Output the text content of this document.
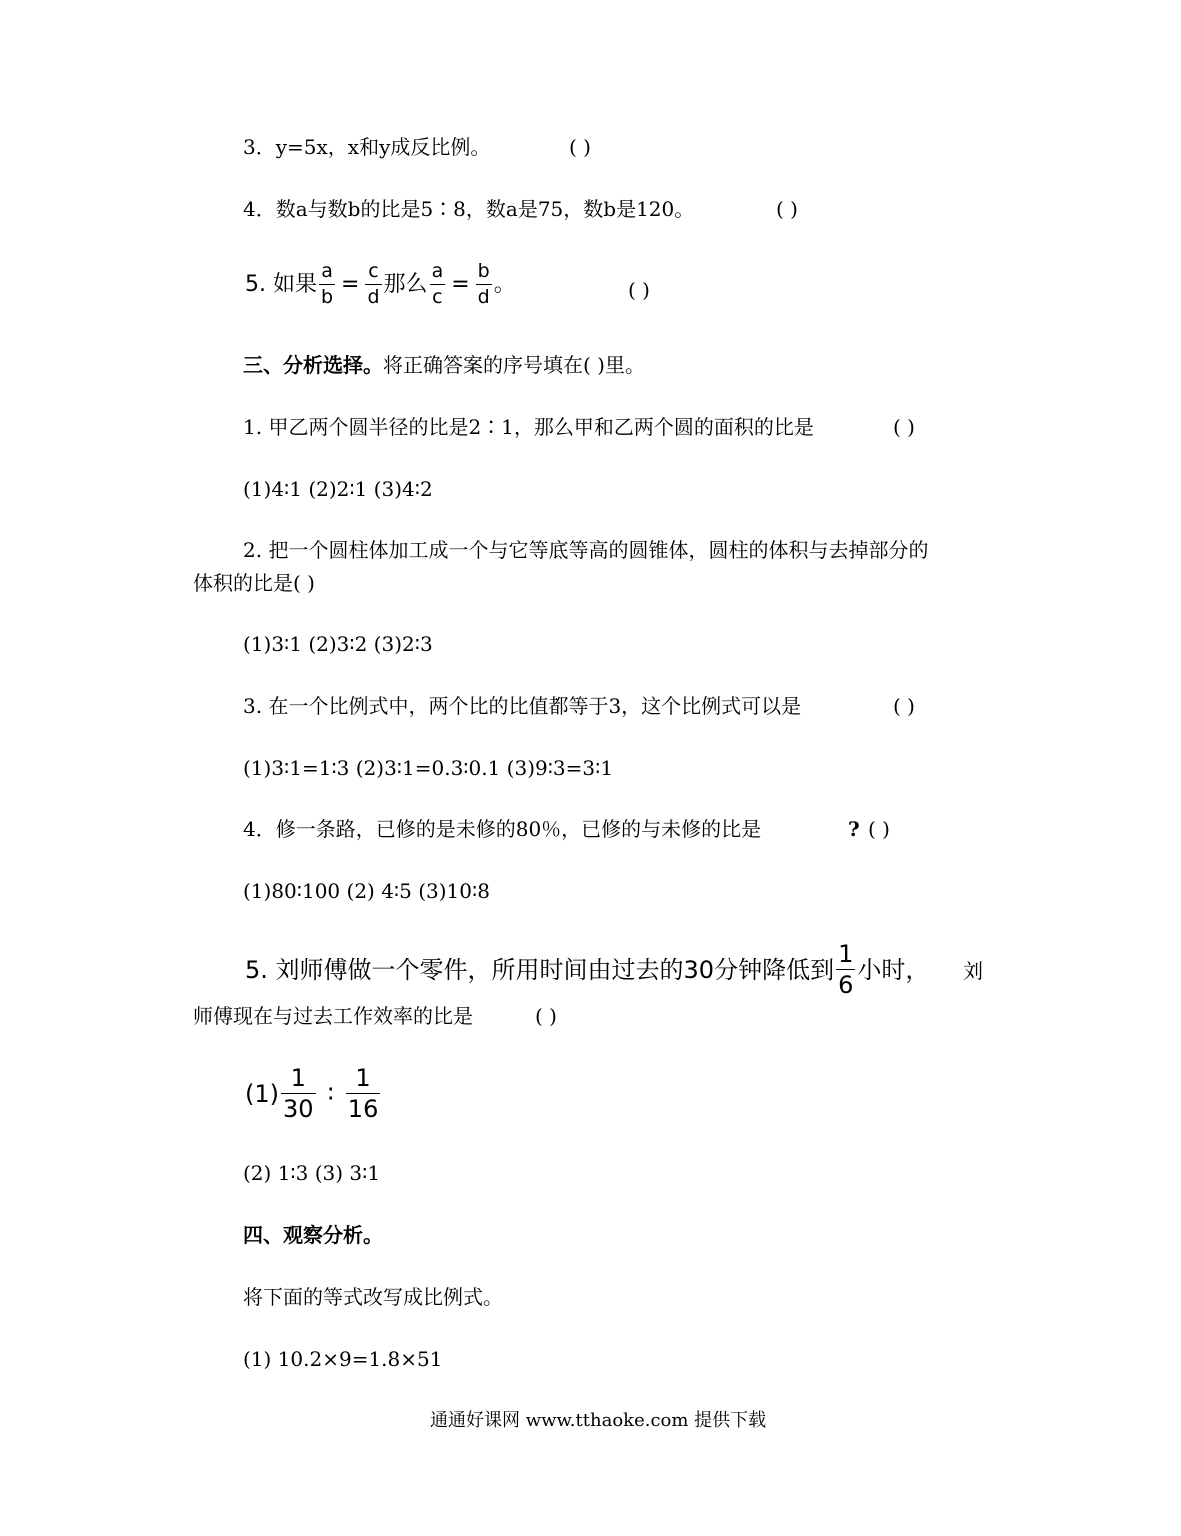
3．y=5x，x和y成反比例。	( )
4．数a与数b的比是5∶8，数a是75，数b是120。	( )
5. 如果 $\frac{a}{b} = \frac{c}{d}$ 那么 $\frac{a}{c} = \frac{b}{d}$ 。	( )
三、分析选择。将正确答案的序号填在( )里。
1. 甲乙两个圆半径的比是2∶1，那么甲和乙两个圆的面积的比是	( )
(1)4∶1 (2)2∶1 (3)4∶2
2. 把一个圆柱体加工成一个与它等底等高的圆锥体，圆柱的体积与去掉部分的
体积的比是( )
(1)3∶1 (2)3∶2 (3)2∶3
3. 在一个比例式中，两个比的比值都等于3，这个比例式可以是	( )
(1)3∶1=1∶3 (2)3∶1=0.3∶0.1 (3)9∶3=3∶1
4．修一条路，已修的是未修的80％，已修的与未修的比是	? ( )
(1)80∶100 (2) 4∶5 (3)10∶8
5. 刘师傅做一个零件，所用时间由过去的30分钟降低到 $\frac{1}{6}$ 小时， 刘
师傅现在与过去工作效率的比是	( )
$(1) \frac{1}{30}$ ∶ $\frac{1}{16}$
(2) 1∶3 (3) 3∶1
四、观察分析。
将下面的等式改写成比例式。
(1) 10.2×9=1.8×51
通通好课网 www.tthaoke.com 提供下载
